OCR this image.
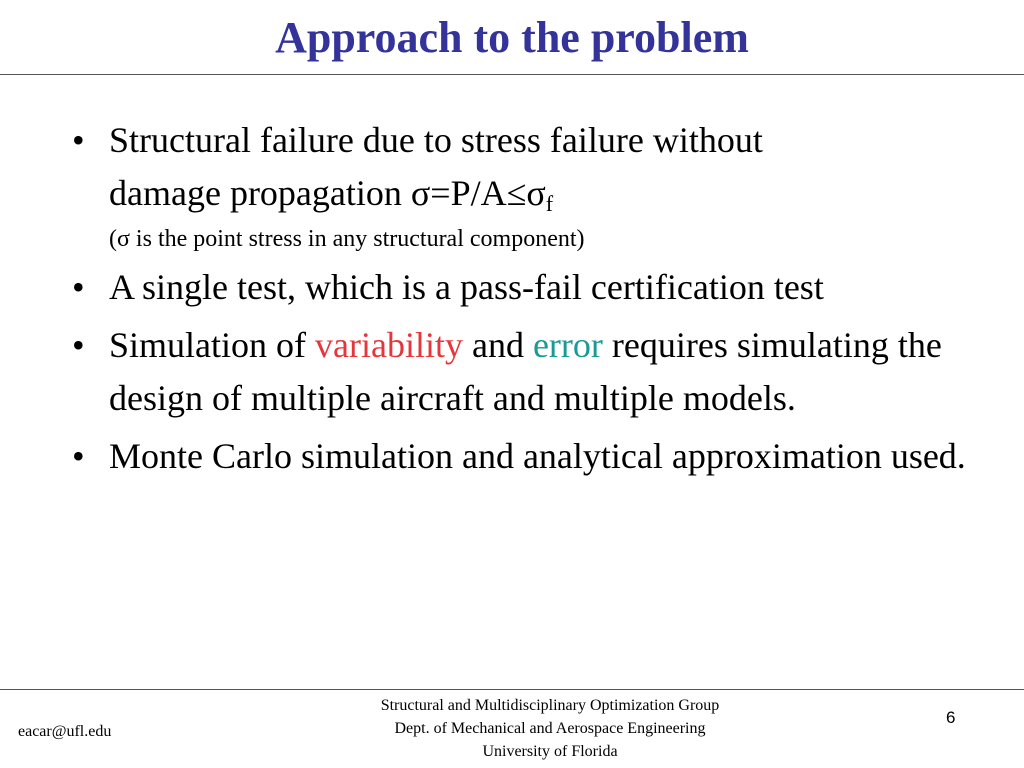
Approach to the problem
• Structural failure due to stress failure without
damage propagation $\sigma=P/A\le\sigma_f$
(σ is the point stress in any structural component)
• A single test, which is a pass-fail certification test
• Simulation of variability and error requires simulating the design of multiple aircraft and multiple models.
• Monte Carlo simulation and analytical approximation used.
eacar@ufl.edu
Structural and Multidisciplinary Optimization Group
Dept. of Mechanical and Aerospace Engineering
University of Florida
6
